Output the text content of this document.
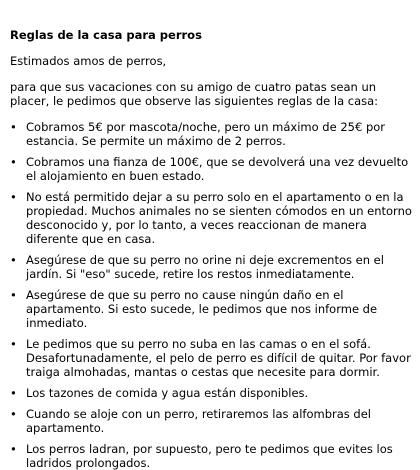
Reglas de la casa para perros
Estimados amos de perros,
para que sus vacaciones con su amigo de cuatro patas sean un placer, le pedimos que observe las siguientes reglas de la casa:
• Cobramos 5€ por mascota/noche, pero un máximo de 25€ por estancia. Se permite un máximo de 2 perros.
• Cobramos una fianza de 100€, que se devolverá una vez devuelto el alojamiento en buen estado.
• No está permitido dejar a su perro solo en el apartamento o en la propiedad. Muchos animales no se sienten cómodos en un entorno desconocido y, por lo tanto, a veces reaccionan de manera diferente que en casa.
• Asegúrese de que su perro no orine ni deje excrementos en el jardín. Si "eso" sucede, retire los restos inmediatamente.
• Asegúrese de que su perro no cause ningún daño en el apartamento. Si esto sucede, le pedimos que nos informe de inmediato.
• Le pedimos que su perro no suba en las camas o en el sofá. Desafortunadamente, el pelo de perro es difícil de quitar. Por favor traiga almohadas, mantas o cestas que necesite para dormir.
• Los tazones de comida y agua están disponibles.
• Cuando se aloje con un perro, retiraremos las alfombras del apartamento.
• Los perros ladran, por supuesto, pero te pedimos que evites los ladridos prolongados.
